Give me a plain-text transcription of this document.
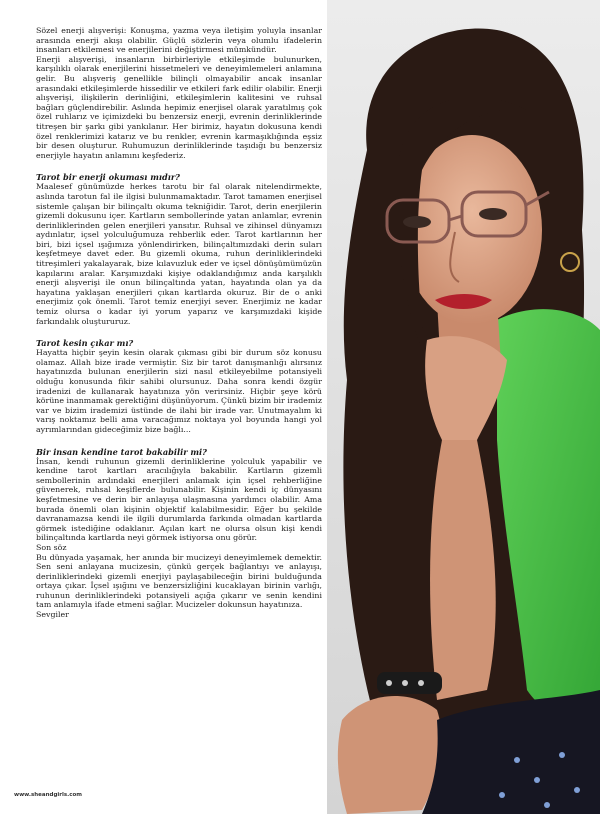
Sözel enerji alışverişi: Konuşma, yazma veya iletişim yoluyla insanlar arasında enerji akışı olabilir. Güçlü sözlerin veya olumlu ifadelerin insanları etkilemesi ve enerjilerini değiştirmesi mümkündür.

Enerji alışverişi, insanların birbirleriyle etkileşimde bulunurken, karşılıklı olarak enerjilerini hissetmeleri ve deneyimlemeleri anlamına gelir. Bu alışveriş genellikle bilinçli olmayabilir ancak insanlar arasındaki etkileşimlerde hissedilir ve etkileri fark edilir olabilir. Enerji alışverişi, ilişkilerin derinliğini, etkileşimlerin kalitesini ve ruhsal bağları güçlendirebilir. Aslında hepimiz enerjisel olarak yaratılmış çok özel ruhlarız ve içimizdeki bu benzersiz enerji, evrenin derinliklerinde titreşen bir şarkı gibi yankılanır. Her birimiz, hayatın dokusuna kendi özel renklerimizi katarız ve bu renkler, evrenin karmaşıklığında eşsiz bir desen oluşturur. Ruhumuzun derinliklerinde taşıdığı bu benzersiz enerjiyle hayatın anlamını keşfederiz.

Tarot bir enerji okuması mıdır?

Maalesef günümüzde herkes tarotu bir fal olarak nitelendirmekte, aslında tarotun fal ile ilgisi bulunmamaktadır. Tarot tamamen enerjisel sistemle çalışan bir bilinçaltı okuma tekniğidir. Tarot, derin enerjilerin gizemli dokusunu içer. Kartların sembollerinde yatan anlamlar, evrenin derinliklerinden gelen enerjileri yansıtır. Ruhsal ve zihinsel dünyamızı aydınlatır, içsel yolculuğumuza rehberlik eder. Tarot kartlarının her biri, bizi içsel ışığımıza yönlendirirken, bilinçaltımızdaki derin suları keşfetmeye davet eder. Bu gizemli okuma, ruhun derinliklerindeki titreşimleri yakalayarak, bize kılavuzluk eder ve içsel dönüşümümüzün kapılarını aralar. Karşımızdaki kişiye odaklandığımız anda karşılıklı enerji alışverişi ile onun bilinçaltında yatan, hayatında olan ya da hayatına yaklaşan enerjileri çıkan kartlarda okuruz. Bir de o anki enerjimiz çok önemli. Tarot temiz enerjiyi sever. Enerjimiz ne kadar temiz olursa o kadar iyi yorum yaparız ve karşımızdaki kişide farkındalık oluştururuz.

Tarot kesin çıkar mı?

Hayatta hiçbir şeyin kesin olarak çıkması gibi bir durum söz konusu olamaz. Allah bize irade vermiştir. Siz bir tarot danışmanlığı alırsınız hayatınızda bulunan enerjilerin sizi nasıl etkileyebilme potansiyeli olduğu konusunda fikir sahibi olursunuz. Daha sonra kendi özgür iradenizi de kullanarak hayatınıza yön verirsiniz. Hiçbir şeye körü körüne inanmamak gerektiğini düşünüyorum. Çünkü bizim bir irademiz var ve bizim irademizi üstünde de ilahi bir irade var. Unutmayalım ki varış noktamız belli ama varacağımız noktaya yol boyunda hangi yol ayrımlarından gideceğimiz bize bağlı...

Bir insan kendine tarot bakabilir mi?

İnsan, kendi ruhunun gizemli derinliklerine yolculuk yapabilir ve kendine tarot kartları aracılığıyla bakabilir. Kartların gizemli sembollerinin ardındaki enerjileri anlamak için içsel rehberliğine güvenerek, ruhsal keşiflerde bulunabilir. Kişinin kendi iç dünyasını keşfetmesine ve derin bir anlayışa ulaşmasına yardımcı olabilir. Ama burada önemli olan kişinin objektif kalabilmesidir. Eğer bu şekilde davranamazsa kendi ile ilgili durumlarda farkında olmadan kartlarda görmek istediğine odaklanır. Açılan kart ne olursa olsun kişi kendi bilinçaltında kartlarda neyi görmek istiyorsa onu görür.

Son söz

Bu dünyada yaşamak, her anında bir mucizeyi deneyimlemek demektir. Sen seni anlayana mucizesin, çünkü gerçek bağlantıyı ve anlayışı, derinliklerindeki gizemli enerjiyi paylaşabileceğin birini bulduğunda ortaya çıkar. İçsel ışığını ve benzersizliğini kucaklayan birinin varlığı, ruhunun derinliklerindeki potansiyeli açığa çıkarır ve senin kendini tam anlamıyla ifade etmeni sağlar. Mucizeler dokunsun hayatınıza.

Sevgiler

www.sheandgirls.com
